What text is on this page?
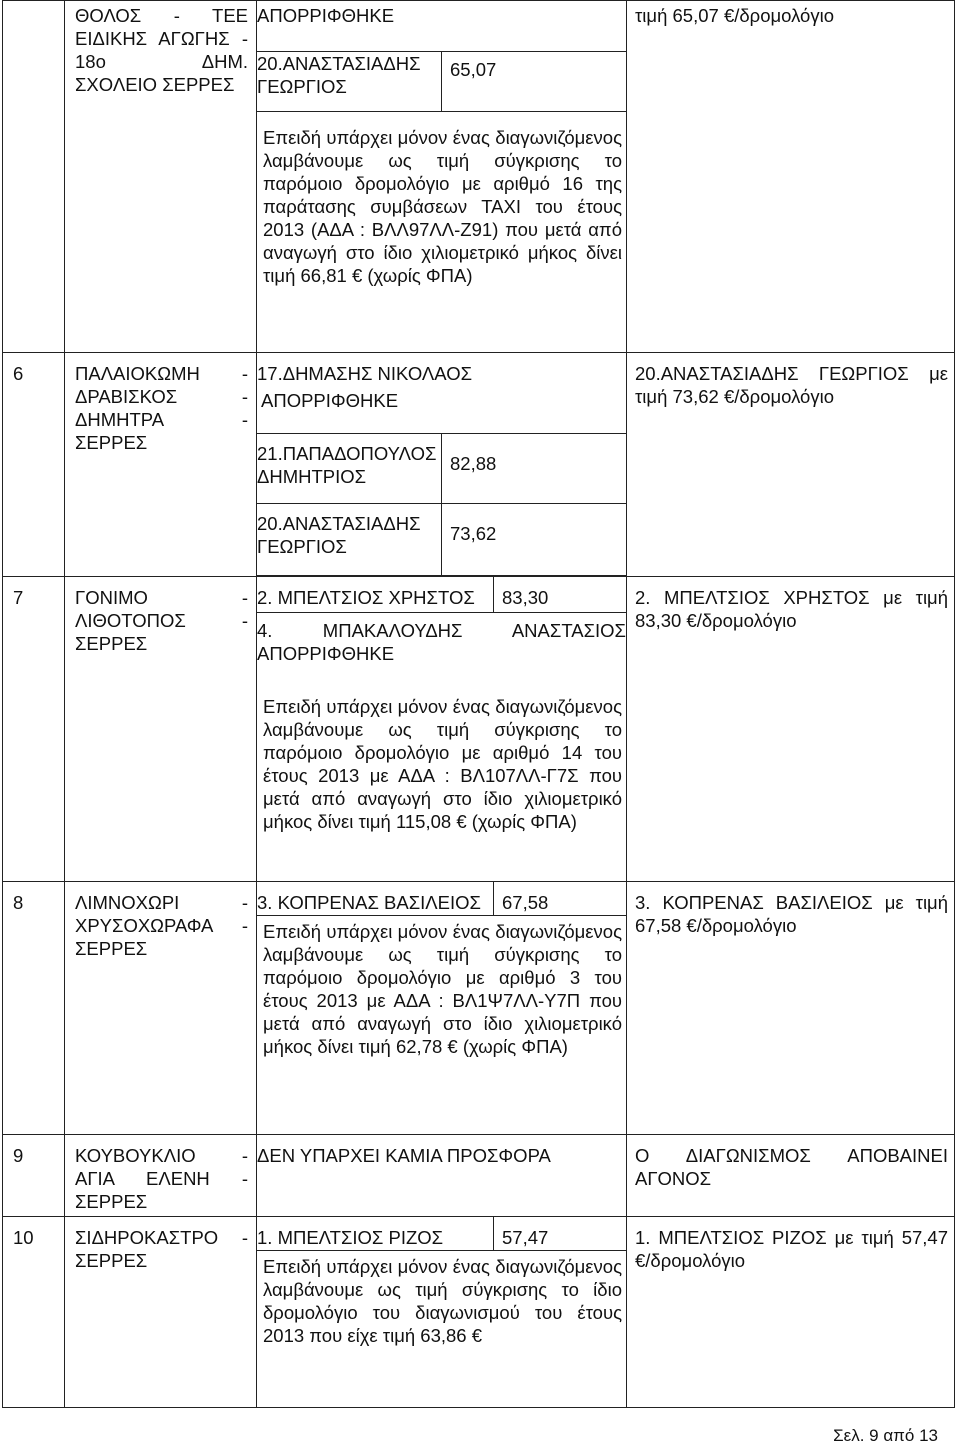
ΘΟΛΟΣ - ΤΕΕ
ΕΙΔΙΚΗΣ ΑΓΩΓΗΣ -
18ο ΔΗΜ.
ΣΧΟΛΕΙΟ ΣΕΡΡΕΣ

ΑΠΟΡΡΙΦΘΗΚΕ

20.ΑΝΑΣΤΑΣΙΑΔΗΣ
ΓΕΩΡΓΙΟΣ
	65,07
Επειδή υπάρχει μόνον ένας διαγωνιζόμενος λαμβάνουμε ως τιμή σύγκρισης το παρόμοιο δρομολόγιο με αριθμό 16 της παράτασης συμβάσεων ΤΑΧΙ του έτους 2013 (ΑΔΑ : ΒΛΛ97ΛΛ-Ζ91) που μετά από αναγωγή στο ίδιο χιλιομετρικό μήκος δίνει τιμή 66,81 € (χωρίς ΦΠΑ)
	τιμή 65,07 €/δρομολόγιο
6	ΠΑΛΑΙΟΚΩΜΗ -
ΔΡΑΒΙΣΚΟΣ -
ΔΗΜΗΤΡΑ -
ΣΕΡΡΕΣ

17.ΔΗΜΑΣΗΣ ΝΙΚΟΛΑΟΣ
ΑΠΟΡΡΙΦΘΗΚΕ

21.ΠΑΠΑΔΟΠΟΥΛΟΣ
ΔΗΜΗΤΡΙΟΣ
	82,88

20.ΑΝΑΣΤΑΣΙΑΔΗΣ
ΓΕΩΡΓΙΟΣ
	73,62
	20.ΑΝΑΣΤΑΣΙΑΔΗΣ ΓΕΩΡΓΙΟΣ με τιμή 73,62 €/δρομολόγιο
7	ΓΟΝΙΜΟ -
ΛΙΘΟΤΟΠΟΣ -
ΣΕΡΡΕΣ

2. ΜΠΕΛΤΣΙΟΣ ΧΡΗΣΤΟΣ	83,30

4. ΜΠΑΚΑΛΟΥΔΗΣ ΑΝΑΣΤΑΣΙΟΣ
ΑΠΟΡΡΙΦΘΗΚΕ
Επειδή υπάρχει μόνον ένας διαγωνιζόμενος λαμβάνουμε ως τιμή σύγκρισης το παρόμοιο δρομολόγιο με αριθμό 14 του έτους 2013 με ΑΔΑ : ΒΛ107ΛΛ-Γ7Σ που μετά από αναγωγή στο ίδιο χιλιομετρικό μήκος δίνει τιμή 115,08 € (χωρίς ΦΠΑ)
	2. ΜΠΕΛΤΣΙΟΣ ΧΡΗΣΤΟΣ με τιμή 83,30 €/δρομολόγιο
8	ΛΙΜΝΟΧΩΡΙ -
ΧΡΥΣΟΧΩΡΑΦΑ -
ΣΕΡΡΕΣ

3. ΚΟΠΡΕΝΑΣ ΒΑΣΙΛΕΙΟΣ	67,58
Επειδή υπάρχει μόνον ένας διαγωνιζόμενος λαμβάνουμε ως τιμή σύγκρισης το παρόμοιο δρομολόγιο με αριθμό 3 του έτους 2013 με ΑΔΑ : ΒΛ1Ψ7ΛΛ-Υ7Π που μετά από αναγωγή στο ίδιο χιλιομετρικό μήκος δίνει τιμή 62,78 € (χωρίς ΦΠΑ)
	3. ΚΟΠΡΕΝΑΣ ΒΑΣΙΛΕΙΟΣ με τιμή 67,58 €/δρομολόγιο
9	ΚΟΥΒΟΥΚΛΙΟ -
ΑΓΙΑ ΕΛΕΝΗ -
ΣΕΡΡΕΣ
	ΔΕΝ ΥΠΑΡΧΕΙ ΚΑΜΙΑ ΠΡΟΣΦΟΡΑ	Ο ΔΙΑΓΩΝΙΣΜΟΣ ΑΠΟΒΑΙΝΕΙ ΑΓΟΝΟΣ
10	ΣΙΔΗΡΟΚΑΣΤΡΟ -
ΣΕΡΡΕΣ

1. ΜΠΕΛΤΣΙΟΣ ΡΙΖΟΣ	57,47
Επειδή υπάρχει μόνον ένας διαγωνιζόμενος λαμβάνουμε ως τιμή σύγκρισης το ίδιο δρομολόγιο του διαγωνισμού του έτους 2013 που είχε τιμή 63,86 €
	1. ΜΠΕΛΤΣΙΟΣ ΡΙΖΟΣ με τιμή 57,47 €/δρομολόγιο
Σελ. 9 από 13
